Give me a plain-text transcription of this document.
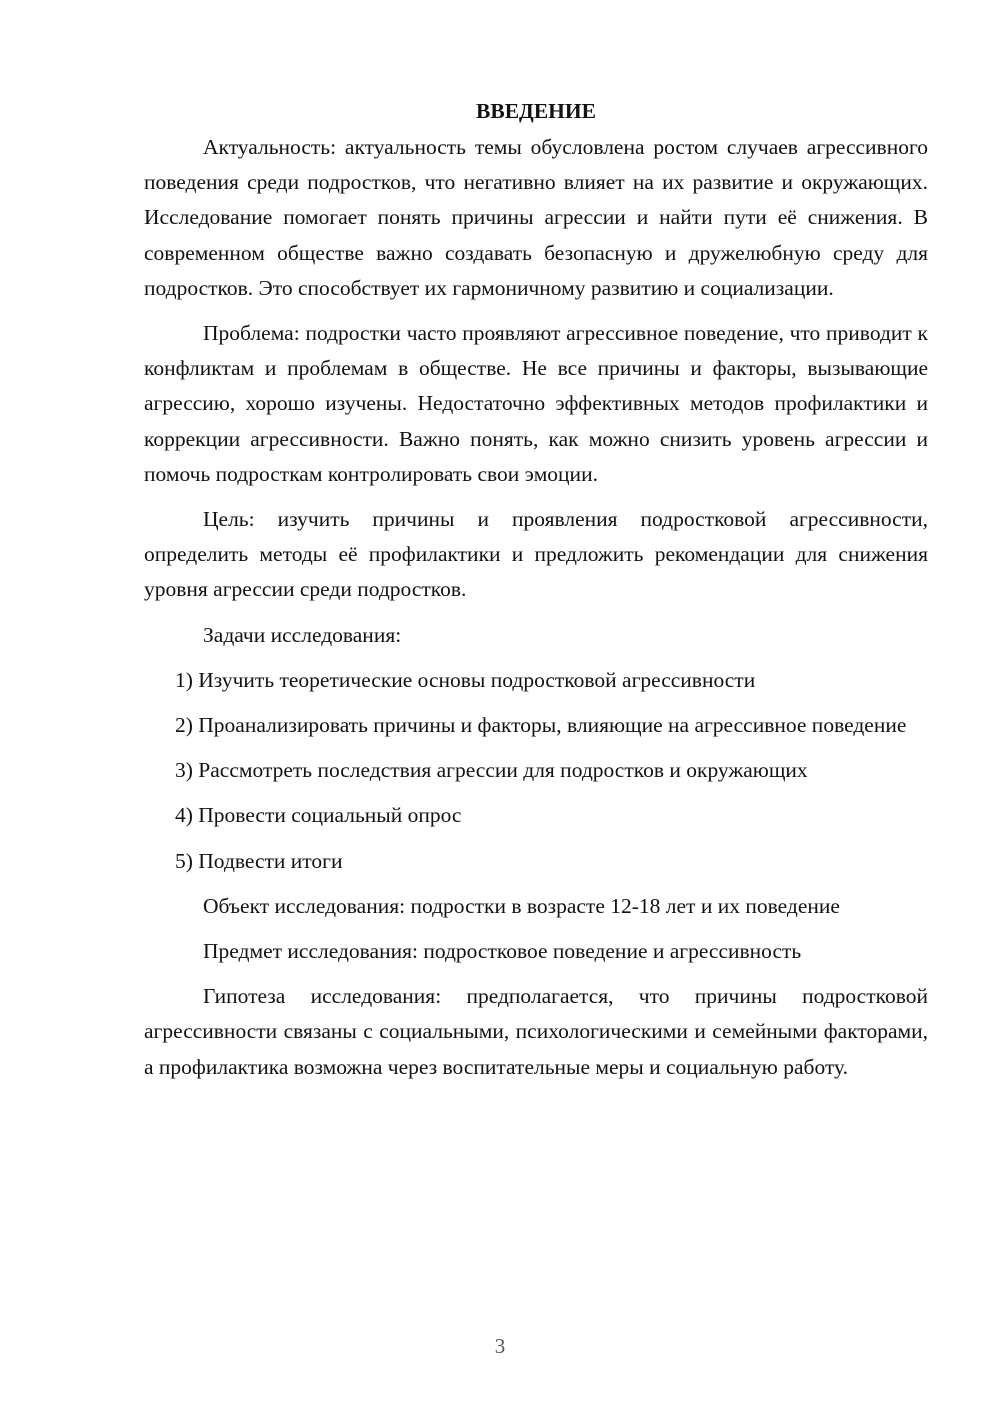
ВВЕДЕНИЕ

Актуальность: актуальность темы обусловлена ростом случаев агрессивного поведения среди подростков, что негативно влияет на их развитие и окружающих. Исследование помогает понять причины агрессии и найти пути её снижения. В современном обществе важно создавать безопасную и дружелюбную среду для подростков. Это способствует их гармоничному развитию и социализации.

Проблема: подростки часто проявляют агрессивное поведение, что приводит к конфликтам и проблемам в обществе. Не все причины и факторы, вызывающие агрессию, хорошо изучены. Недостаточно эффективных методов профилактики и коррекции агрессивности. Важно понять, как можно снизить уровень агрессии и помочь подросткам контролировать свои эмоции.

Цель: изучить причины и проявления подростковой агрессивности, определить методы её профилактики и предложить рекомендации для снижения уровня агрессии среди подростков.

Задачи исследования:

1) Изучить теоретические основы подростковой агрессивности

2) Проанализировать причины и факторы, влияющие на агрессивное поведение

3) Рассмотреть последствия агрессии для подростков и окружающих

4) Провести социальный опрос

5) Подвести итоги

Объект исследования: подростки в возрасте 12-18 лет и их поведение

Предмет исследования: подростковое поведение и агрессивность

Гипотеза исследования: предполагается, что причины подростковой агрессивности связаны с социальными, психологическими и семейными факторами, а профилактика возможна через воспитательные меры и социальную работу.

3
